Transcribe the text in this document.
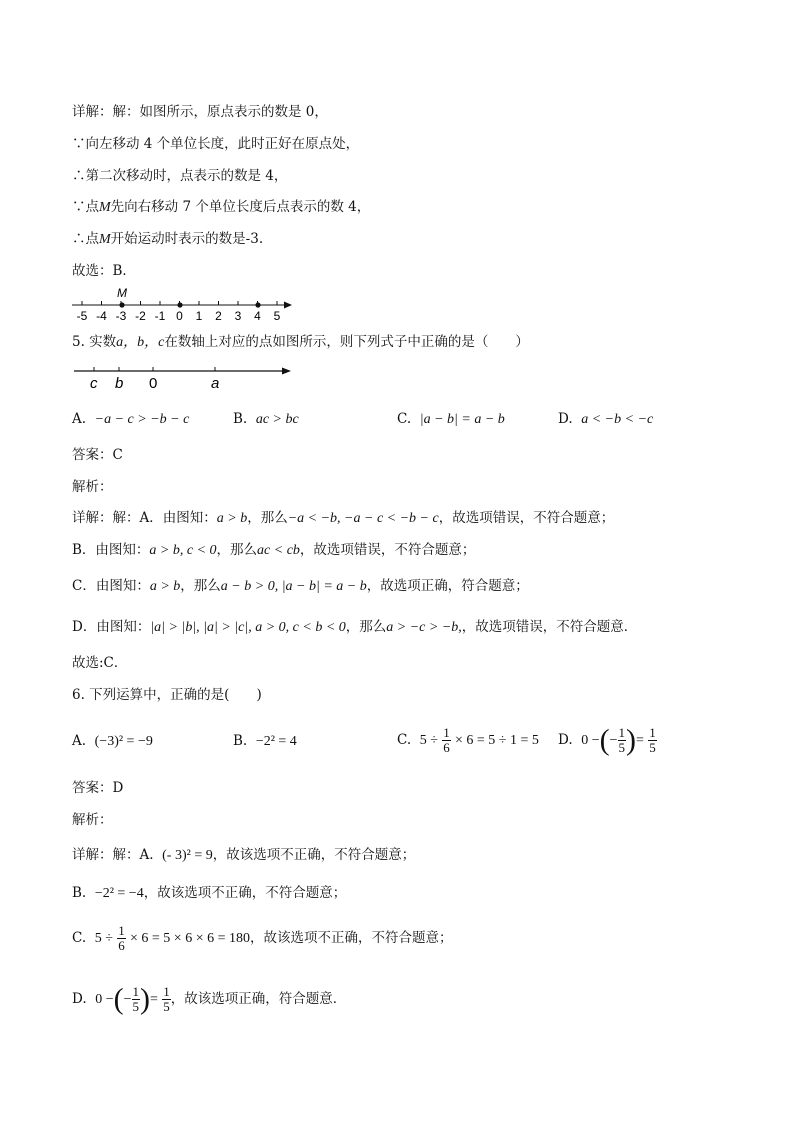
详解：解：如图所示，原点表示的数是 0，
∵向左移动 4 个单位长度，此时正好在原点处，
∴第二次移动时，点表示的数是 4，
∵点M先向右移动 7 个单位长度后点表示的数 4，
∴点M开始运动时表示的数是-3.
故选：B．
-5 -4 -3 -2 -1 0 1 2 3 4 5
M
5. 实数a，b，c在数轴上对应的点如图所示，则下列式子中正确的是（　　）
c b 0	a
A. −a − c > −b − c	B. ac > bc	C. |a − b| = a − b	D. a < −b < −c
答案：C
解析：
详解：解：A．由图知：a > b，那么−a < −b, −a − c < −b − c，故选项错误，不符合题意；
B．由图知：a > b, c < 0，那么ac < cb，故选项错误，不符合题意；
C．由图知：a > b，那么a − b > 0, |a − b| = a − b，故选项正确，符合题意；
D．由图知：|a| > |b|, |a| > |c|, a > 0, c < b < 0，那么a > −c > −b,，故选项错误，不符合题意．
故选:C．
6. 下列运算中，正确的是(　　)
A. (−3)² = −9	B. −2² = 4	C. $5 \div \frac{1}{6} \times 6 = 5 \div 1 = 5$ D. 0 −(− $\frac{1}{5}$ )= $\frac{1}{5}$
答案：D
解析：
详解：解：A. (- 3)² = 9，故该选项不正确，不符合题意；
B. −2² = −4，故该选项不正确，不符合题意；
C. $5 \div \frac{1}{6} \times 6 = 5 \times 6 \times 6 = 180$，故该选项不正确，不符合题意；
D. 0 −(− $\frac{1}{5}$ )= $\frac{1}{5}$ ，故该选项正确，符合题意．
